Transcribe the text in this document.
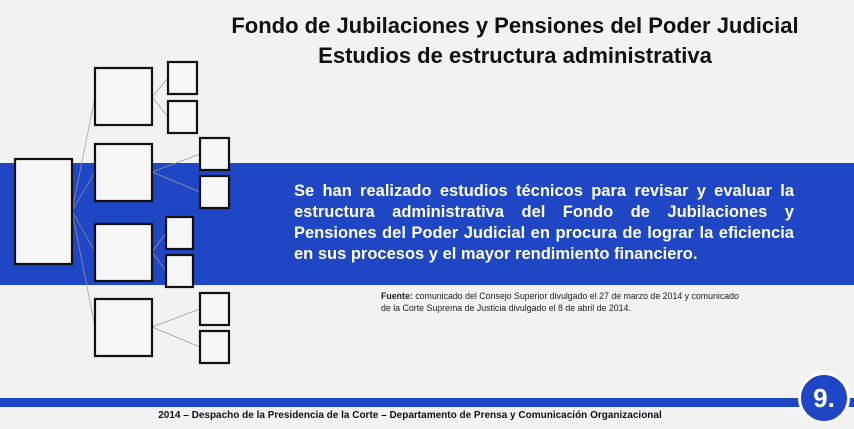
Fondo de Jubilaciones y Pensiones del Poder Judicial
Estudios de estructura administrativa
Se han realizado estudios técnicos para revisar y evaluar la estructura administrativa del Fondo de Jubilaciones y Pensiones del Poder Judicial en procura de lograr la eficiencia en sus procesos y el mayor rendimiento financiero.
Fuente: comunicado del Consejo Superior divulgado el 27 de marzo de 2014 y comunicado de la Corte Suprema de Justicia divulgado el 8 de abril de 2014.
9.
2014 – Despacho de la Presidencia de la Corte – Departamento de Prensa y Comunicación Organizacional
